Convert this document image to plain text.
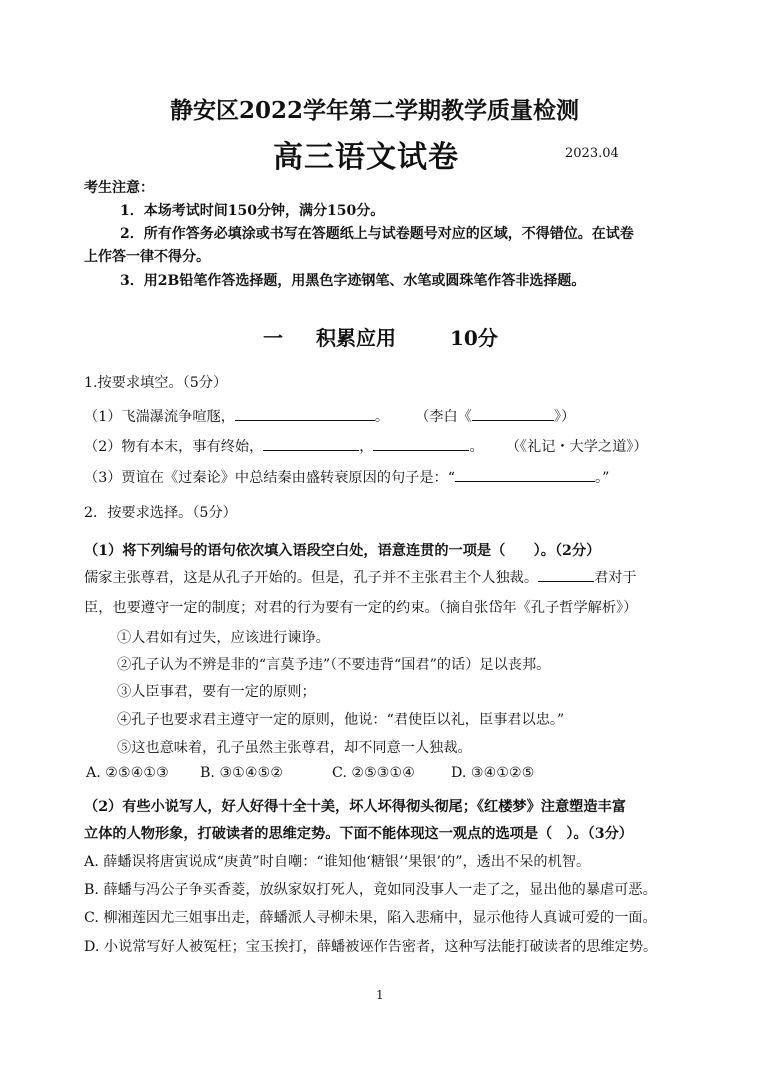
静安区2022学年第二学期教学质量检测
高三语文试卷	2023.04
考生注意：
1．本场考试时间150分钟，满分150分。
2．所有作答务必填涂或书写在答题纸上与试卷题号对应的区域，不得错位。在试卷
上作答一律不得分。
3．用2B铅笔作答选择题，用黑色字迹钢笔、水笔或圆珠笔作答非选择题。
一 积累应用	10分
1.按要求填空。（5分）
（1）飞湍瀑流争喧豗，	。 （李白《	》）
（2）物有本末，事有终始，	，	。 （《礼记・大学之道》）
（3）贾谊在《过秦论》中总结秦由盛转衰原因的句子是：“	。”
2．按要求选择。（5分）
（1）将下列编号的语句依次填入语段空白处，语意连贯的一项是（　　）。（2分）
儒家主张尊君，这是从孔子开始的。但是，孔子并不主张君主个人独裁。	君对于
臣，也要遵守一定的制度；对君的行为要有一定的约束。（摘自张岱年《孔子哲学解析》）
①人君如有过失，应该进行谏诤。
②孔子认为不辨是非的“言莫予违”（不要违背“国君”的话）足以丧邦。
③人臣事君，要有一定的原则；
④孔子也要求君主遵守一定的原则，他说：“君使臣以礼，臣事君以忠。”
⑤这也意味着，孔子虽然主张尊君，却不同意一人独裁。
A. ②⑤④①③ B. ③①④⑤②	C. ②⑤③①④	D. ③④①②⑤
（2）有些小说写人，好人好得十全十美，坏人坏得彻头彻尾；《红楼梦》注意塑造丰富
立体的人物形象，打破读者的思维定势。下面不能体现这一观点的选项是（　）。（3分）
A. 薛蟠误将唐寅说成“庚黄”时自嘲：“谁知他‘糖银’‘果银’的”，透出不呆的机智。
B. 薛蟠与冯公子争买香菱，放纵家奴打死人，竟如同没事人一走了之，显出他的暴虐可恶。
C. 柳湘莲因尤三姐事出走，薛蟠派人寻柳未果，陷入悲痛中，显示他待人真诚可爱的一面。
D. 小说常写好人被冤枉；宝玉挨打，薛蟠被诬作告密者，这种写法能打破读者的思维定势。
1
